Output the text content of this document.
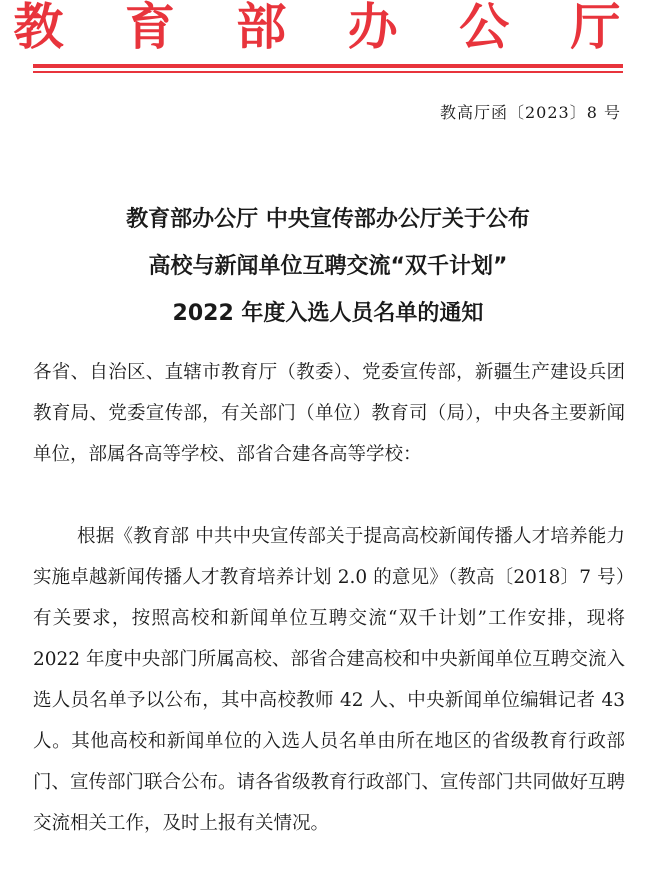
教 育 部 办 公 厅
教高厅函〔2023〕8 号
教育部办公厅 中央宣传部办公厅关于公布
高校与新闻单位互聘交流“双千计划”
2022 年度入选人员名单的通知
各省、自治区、直辖市教育厅（教委）、党委宣传部，新疆生产建设兵团教育局、党委宣传部，有关部门（单位）教育司（局），中央各主要新闻单位，部属各高等学校、部省合建各高等学校：
根据《教育部 中共中央宣传部关于提高高校新闻传播人才培养能力 实施卓越新闻传播人才教育培养计划 2.0 的意见》（教高〔2018〕7 号）有关要求，按照高校和新闻单位互聘交流“双千计划”工作安排，现将 2022 年度中央部门所属高校、部省合建高校和中央新闻单位互聘交流入选人员名单予以公布，其中高校教师 42 人、中央新闻单位编辑记者 43 人。其他高校和新闻单位的入选人员名单由所在地区的省级教育行政部门、宣传部门联合公布。请各省级教育行政部门、宣传部门共同做好互聘交流相关工作，及时上报有关情况。
